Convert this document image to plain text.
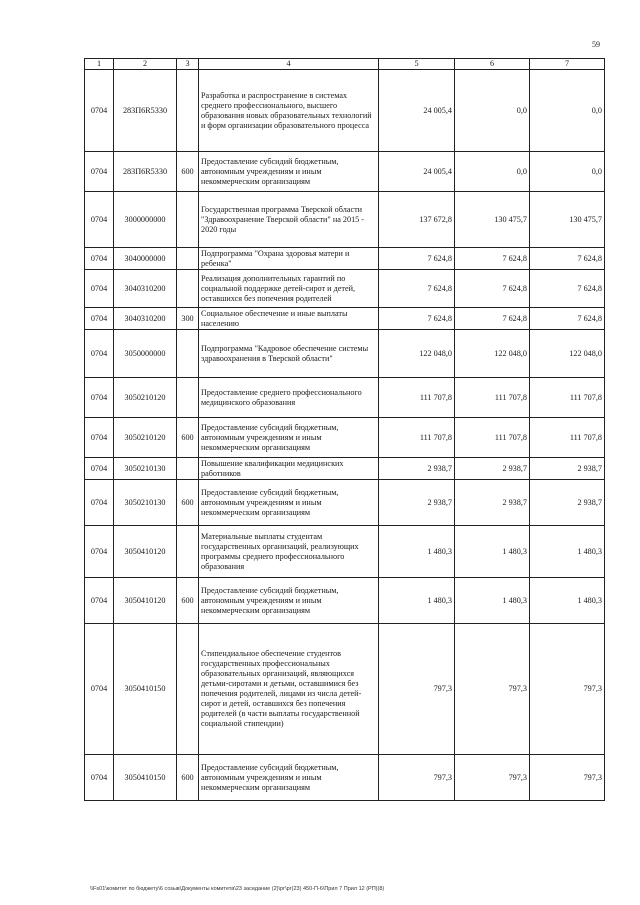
59
1	2	3	4	5	6	7
0704	283П6R5330		Разработка и распространение в системах среднего профессионального, высшего образования новых образовательных технологий и форм организации образовательного процесса	24 005,4	0,0	0,0
0704	283П6R5330	600	Предоставление субсидий бюджетным, автономным учреждениям и иным некоммерческим организациям	24 005,4	0,0	0,0
0704	3000000000		Государственная программа Тверской области "Здравоохранение Тверской области" на 2015 - 2020 годы	137 672,8	130 475,7	130 475,7
0704	3040000000		Подпрограмма "Охрана здоровья матери и ребенка"	7 624,8	7 624,8	7 624,8
0704	3040310200		Реализация дополнительных гарантий по социальной поддержке детей-сирот и детей, оставшихся без попечения родителей	7 624,8	7 624,8	7 624,8
0704	3040310200	300	Социальное обеспечение и иные выплаты населению	7 624,8	7 624,8	7 624,8
0704	3050000000		Подпрограмма "Кадровое обеспечение системы здравоохранения в Тверской области"	122 048,0	122 048,0	122 048,0
0704	3050210120		Предоставление среднего профессионального медицинского образования	111 707,8	111 707,8	111 707,8
0704	3050210120	600	Предоставление субсидий бюджетным, автономным учреждениям и иным некоммерческим организациям	111 707,8	111 707,8	111 707,8
0704	3050210130		Повышение квалификации медицинских работников	2 938,7	2 938,7	2 938,7
0704	3050210130	600	Предоставление субсидий бюджетным, автономным учреждениям и иным некоммерческим организациям	2 938,7	2 938,7	2 938,7
0704	3050410120		Материальные выплаты студентам государственных организаций, реализующих программы среднего профессионального образования	1 480,3	1 480,3	1 480,3
0704	3050410120	600	Предоставление субсидий бюджетным, автономным учреждениям и иным некоммерческим организациям	1 480,3	1 480,3	1 480,3
0704	3050410150		Стипендиальное обеспечение студентов государственных профессиональных образовательных организаций, являющихся детьми-сиротами и детьми, оставшимися без попечения родителей, лицами из числа детей-сирот и детей, оставшихся без попечения родителей (в части выплаты государственной социальной стипендии)	797,3	797,3	797,3
0704	3050410150	600	Предоставление субсидий бюджетным, автономным учреждениям и иным некоммерческим организациям	797,3	797,3	797,3
\\Fs01\комитет по бюджету\6 созыв\Документы комитета\23 заседание (2)\рг\рг(23) 450-П-6\Прил 7 Прил 12 (РП)(8)
